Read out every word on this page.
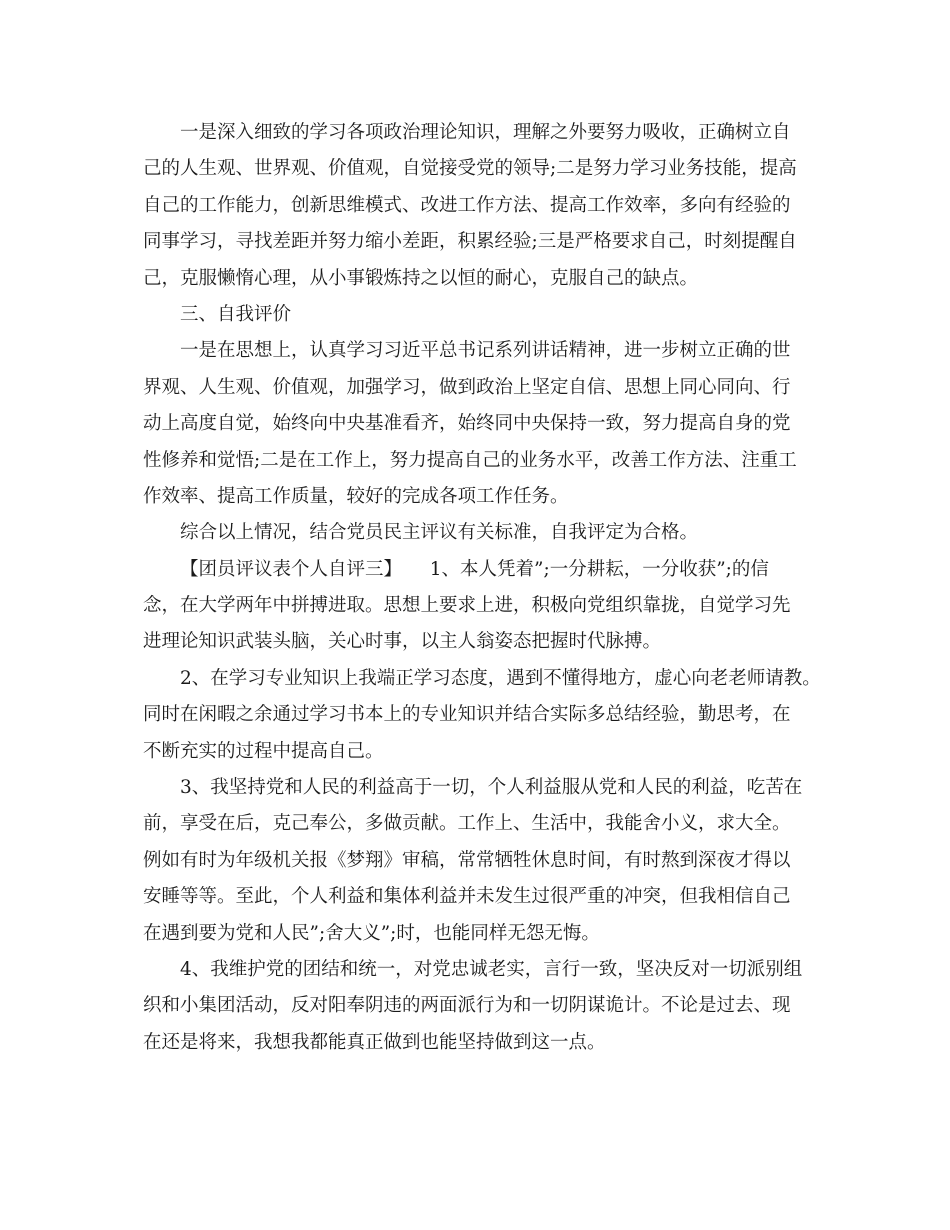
一是深入细致的学习各项政治理论知识，理解之外要努力吸收，正确树立自
己的人生观、世界观、价值观，自觉接受党的领导;二是努力学习业务技能，提高
自己的工作能力，创新思维模式、改进工作方法、提高工作效率，多向有经验的
同事学习，寻找差距并努力缩小差距，积累经验;三是严格要求自己，时刻提醒自
己，克服懒惰心理，从小事锻炼持之以恒的耐心，克服自己的缺点。
三、自我评价
一是在思想上，认真学习习近平总书记系列讲话精神，进一步树立正确的世
界观、人生观、价值观，加强学习，做到政治上坚定自信、思想上同心同向、行
动上高度自觉，始终向中央基准看齐，始终同中央保持一致，努力提高自身的党
性修养和觉悟;二是在工作上，努力提高自己的业务水平，改善工作方法、注重工
作效率、提高工作质量，较好的完成各项工作任务。
综合以上情况，结合党员民主评议有关标准，自我评定为合格。
【团员评议表个人自评三】　　1、本人凭着”;一分耕耘，一分收获”;的信
念，在大学两年中拼搏进取。思想上要求上进，积极向党组织靠拢，自觉学习先
进理论知识武装头脑，关心时事，以主人翁姿态把握时代脉搏。
2、在学习专业知识上我端正学习态度，遇到不懂得地方，虚心向老老师请教。
同时在闲暇之余通过学习书本上的专业知识并结合实际多总结经验，勤思考，在
不断充实的过程中提高自己。
3、我坚持党和人民的利益高于一切，个人利益服从党和人民的利益，吃苦在
前，享受在后，克己奉公，多做贡献。工作上、生活中，我能舍小义，求大全。
例如有时为年级机关报《梦翔》审稿，常常牺牲休息时间，有时熬到深夜才得以
安睡等等。至此，个人利益和集体利益并未发生过很严重的冲突，但我相信自己
在遇到要为党和人民”;舍大义”;时，也能同样无怨无悔。
4、我维护党的团结和统一，对党忠诚老实，言行一致，坚决反对一切派别组
织和小集团活动，反对阳奉阴违的两面派行为和一切阴谋诡计。不论是过去、现
在还是将来，我想我都能真正做到也能坚持做到这一点。
